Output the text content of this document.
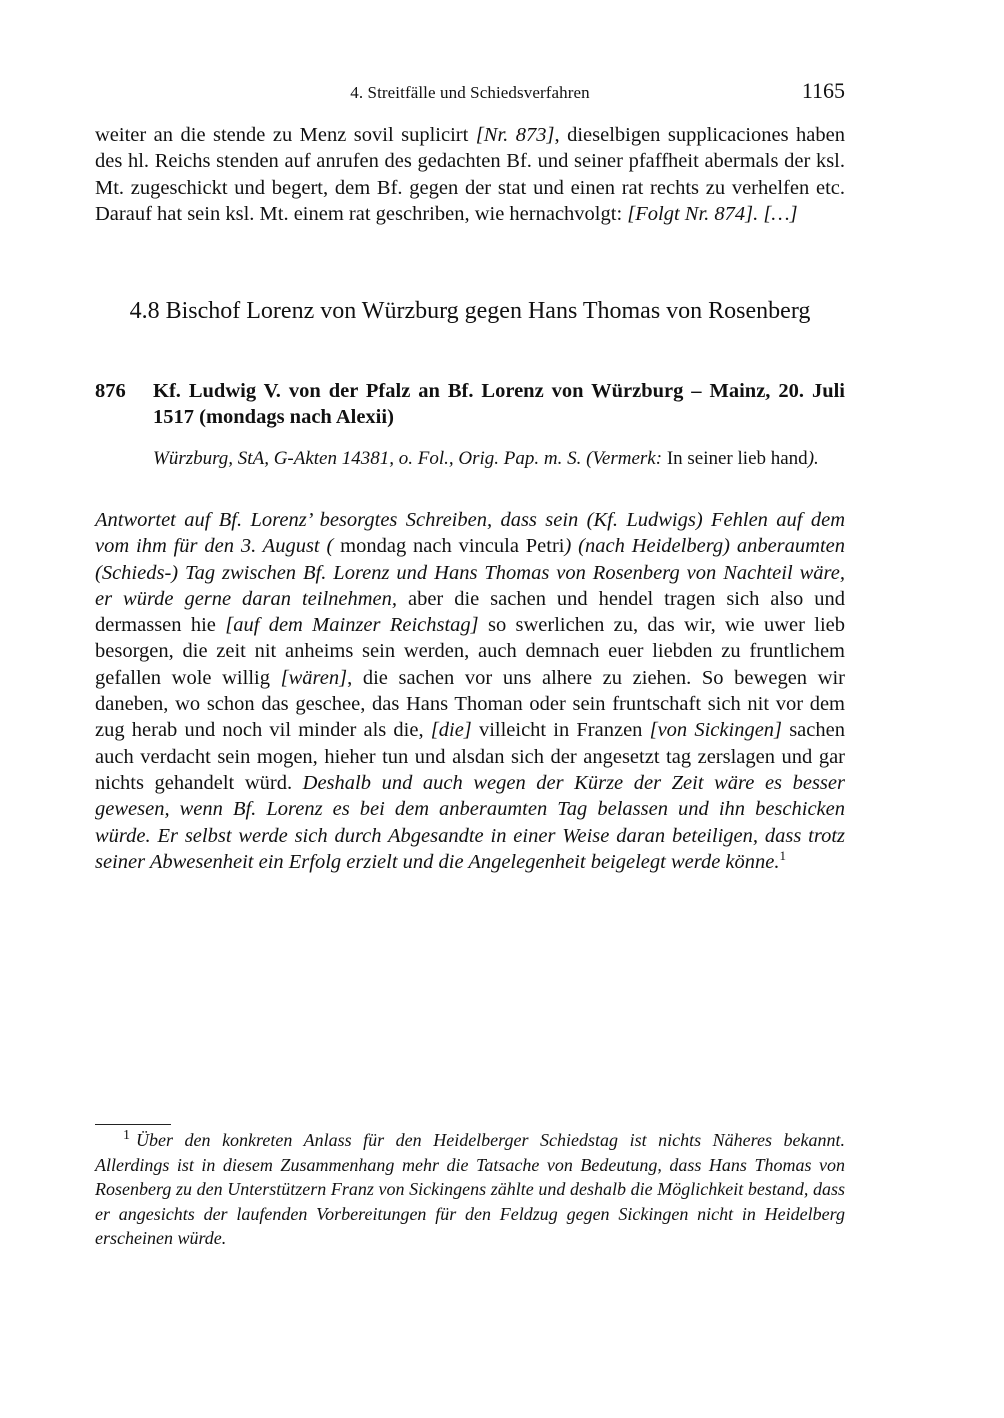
4. Streitfälle und Schiedsverfahren	1165
weiter an die stende zu Menz sovil suplicirt [Nr. 873], dieselbigen supplicaciones haben des hl. Reichs stenden auf anrufen des gedachten Bf. und seiner pfaffheit abermals der ksl. Mt. zugeschickt und begert, dem Bf. gegen der stat und einen rat rechts zu verhelfen etc. Darauf hat sein ksl. Mt. einem rat geschriben, wie hernachvolgt: [Folgt Nr. 874]. […]
4.8 Bischof Lorenz von Würzburg gegen Hans Thomas von Rosenberg
876 Kf. Ludwig V. von der Pfalz an Bf. Lorenz von Würzburg – Mainz, 20. Juli 1517 (mondags nach Alexii)
Würzburg, StA, G-Akten 14381, o. Fol., Orig. Pap. m. S. (Vermerk: In seiner lieb hand).
Antwortet auf Bf. Lorenz’ besorgtes Schreiben, dass sein (Kf. Ludwigs) Fehlen auf dem vom ihm für den 3. August ( mondag nach vincula Petri) (nach Heidelberg) anberaumten (Schieds-) Tag zwischen Bf. Lorenz und Hans Thomas von Rosenberg von Nachteil wäre, er würde gerne daran teilnehmen, aber die sachen und hendel tragen sich also und dermassen hie [auf dem Mainzer Reichstag] so swerlichen zu, das wir, wie uwer lieb besorgen, die zeit nit anheims sein werden, auch demnach euer liebden zu fruntlichem gefallen wole willig [wären], die sachen vor uns alhere zu ziehen. So bewegen wir daneben, wo schon das geschee, das Hans Thoman oder sein fruntschaft sich nit vor dem zug herab und noch vil minder als die, [die] villeicht in Franzen [von Sickingen] sachen auch verdacht sein mogen, hieher tun und alsdan sich der angesetzt tag zerslagen und gar nichts gehandelt würd. Deshalb und auch wegen der Kürze der Zeit wäre es besser gewesen, wenn Bf. Lorenz es bei dem anberaumten Tag belassen und ihn beschicken würde. Er selbst werde sich durch Abgesandte in einer Weise daran beteiligen, dass trotz seiner Abwesenheit ein Erfolg erzielt und die Angelegenheit beigelegt werde könne.$^1$
$^1$ Über den konkreten Anlass für den Heidelberger Schiedstag ist nichts Näheres bekannt. Allerdings ist in diesem Zusammenhang mehr die Tatsache von Bedeutung, dass Hans Thomas von Rosenberg zu den Unterstützern Franz von Sickingens zählte und deshalb die Möglichkeit bestand, dass er angesichts der laufenden Vorbereitungen für den Feldzug gegen Sickingen nicht in Heidelberg erscheinen würde.
